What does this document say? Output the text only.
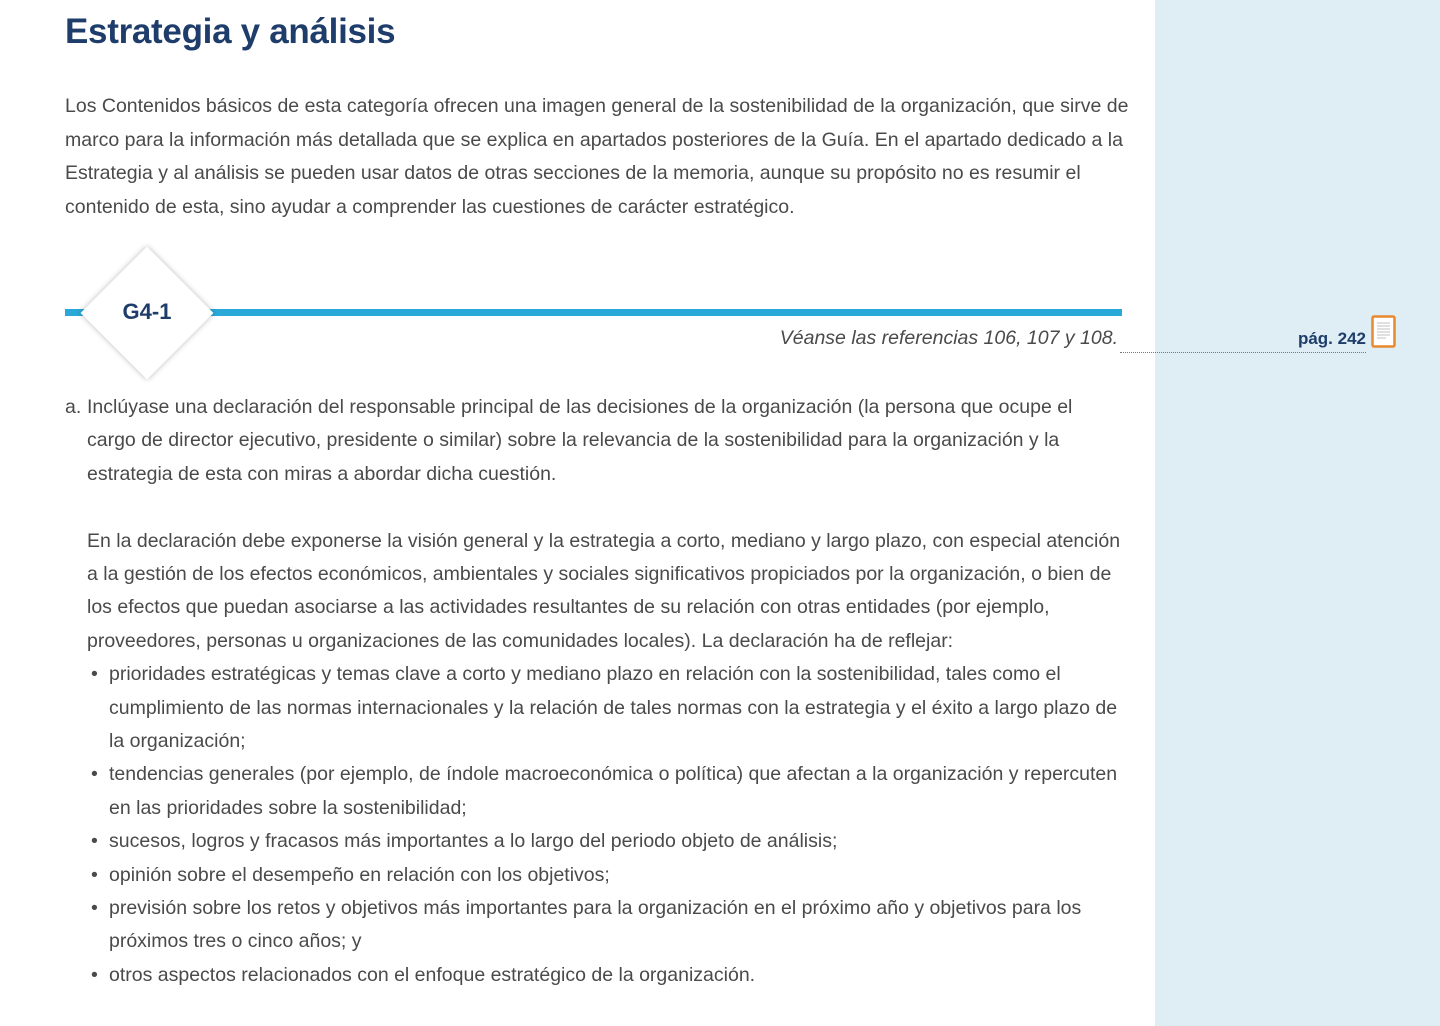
Estrategia y análisis

Los Contenidos básicos de esta categoría ofrecen una imagen general de la sostenibilidad de la organización, que sirve de marco para la información más detallada que se explica en apartados posteriores de la Guía. En el apartado dedicado a la Estrategia y al análisis se pueden usar datos de otras secciones de la memoria, aunque su propósito no es resumir el contenido de esta, sino ayudar a comprender las cuestiones de carácter estratégico.

G4-1
Véanse las referencias 106, 107 y 108.	pág. 242
a. Inclúyase una declaración del responsable principal de las decisiones de la organización (la persona que ocupe el cargo de director ejecutivo, presidente o similar) sobre la relevancia de la sostenibilidad para la organización y la estrategia de esta con miras a abordar dicha cuestión.

En la declaración debe exponerse la visión general y la estrategia a corto, mediano y largo plazo, con especial atención a la gestión de los efectos económicos, ambientales y sociales significativos propiciados por la organización, o bien de los efectos que puedan asociarse a las actividades resultantes de su relación con otras entidades (por ejemplo, proveedores, personas u organizaciones de las comunidades locales). La declaración ha de reflejar:

• prioridades estratégicas y temas clave a corto y mediano plazo en relación con la sostenibilidad, tales como el cumplimiento de las normas internacionales y la relación de tales normas con la estrategia y el éxito a largo plazo de la organización;
• tendencias generales (por ejemplo, de índole macroeconómica o política) que afectan a la organización y repercuten en las prioridades sobre la sostenibilidad;
• sucesos, logros y fracasos más importantes a lo largo del periodo objeto de análisis;
• opinión sobre el desempeño en relación con los objetivos;
• previsión sobre los retos y objetivos más importantes para la organización en el próximo año y objetivos para los próximos tres o cinco años; y
• otros aspectos relacionados con el enfoque estratégico de la organización.
